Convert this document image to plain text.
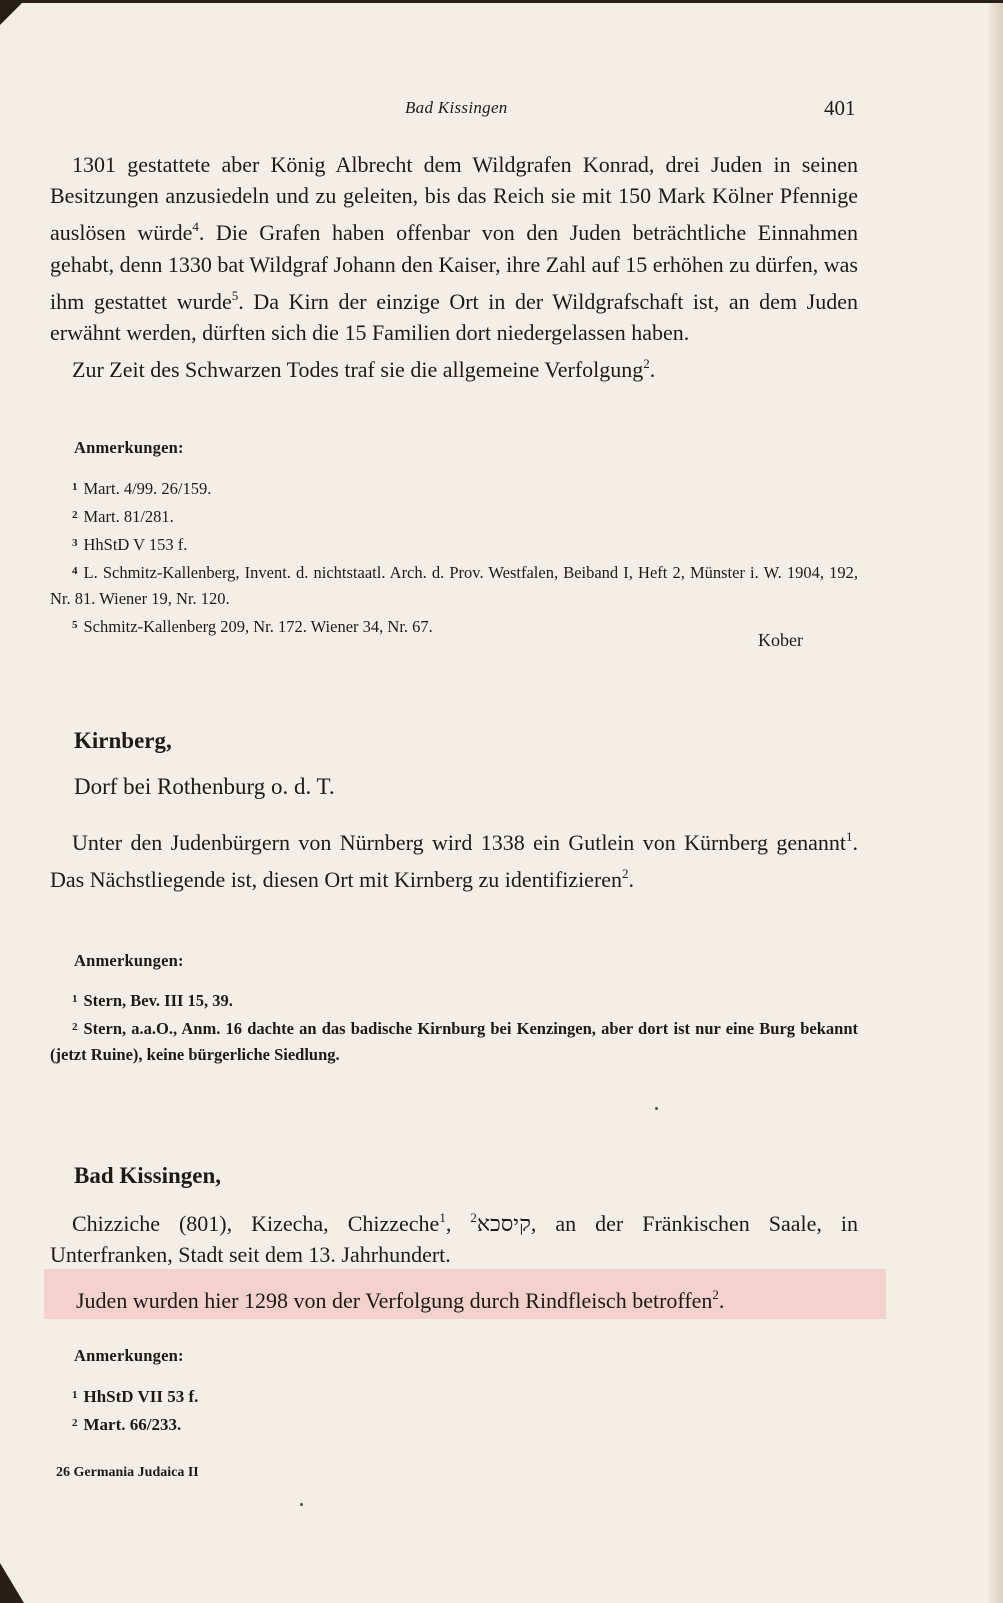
Bad Kissingen	401
1301 gestattete aber König Albrecht dem Wildgrafen Konrad, drei Juden in seinen Besitzungen anzusiedeln und zu geleiten, bis das Reich sie mit 150 Mark Kölner Pfennige auslösen würde$^4$. Die Grafen haben offenbar von den Juden beträchtliche Einnahmen gehabt, denn 1330 bat Wildgraf Johann den Kaiser, ihre Zahl auf 15 erhöhen zu dürfen, was ihm gestattet wurde$^5$. Da Kirn der einzige Ort in der Wildgrafschaft ist, an dem Juden erwähnt werden, dürften sich die 15 Familien dort niedergelassen haben.
Zur Zeit des Schwarzen Todes traf sie die allgemeine Verfolgung$^2$.
Anmerkungen:
$^1$ Mart. 4/99. 26/159.
$^2$ Mart. 81/281.
$^3$ HhStD V 153 f.
$^4$ L. Schmitz-Kallenberg, Invent. d. nichtstaatl. Arch. d. Prov. Westfalen, Beiband I, Heft 2, Münster i. W. 1904, 192, Nr. 81. Wiener 19, Nr. 120.
$^5$ Schmitz-Kallenberg 209, Nr. 172. Wiener 34, Nr. 67.
Kober
Kirnberg,
Dorf bei Rothenburg o. d. T.
Unter den Judenbürgern von Nürnberg wird 1338 ein Gutlein von Kürnberg genannt$^1$. Das Nächstliegende ist, diesen Ort mit Kirnberg zu identifizieren$^2$.
Anmerkungen:
$^1$ Stern, Bev. III 15, 39.
$^2$ Stern, a.a.O., Anm. 16 dachte an das badische Kirnburg bei Kenzingen, aber dort ist nur eine Burg bekannt (jetzt Ruine), keine bürgerliche Siedlung.
Bad Kissingen,
Chizziche (801), Kizecha, Chizzeche$^1$, קיסכא$^2$ , an der Fränkischen Saale, in Unterfranken, Stadt seit dem 13. Jahrhundert.
Juden wurden hier 1298 von der Verfolgung durch Rindfleisch betroffen$^2$.
Anmerkungen:
$^1$ HhStD VII 53 f.
$^2$ Mart. 66/233.
26 Germania Judaica II
